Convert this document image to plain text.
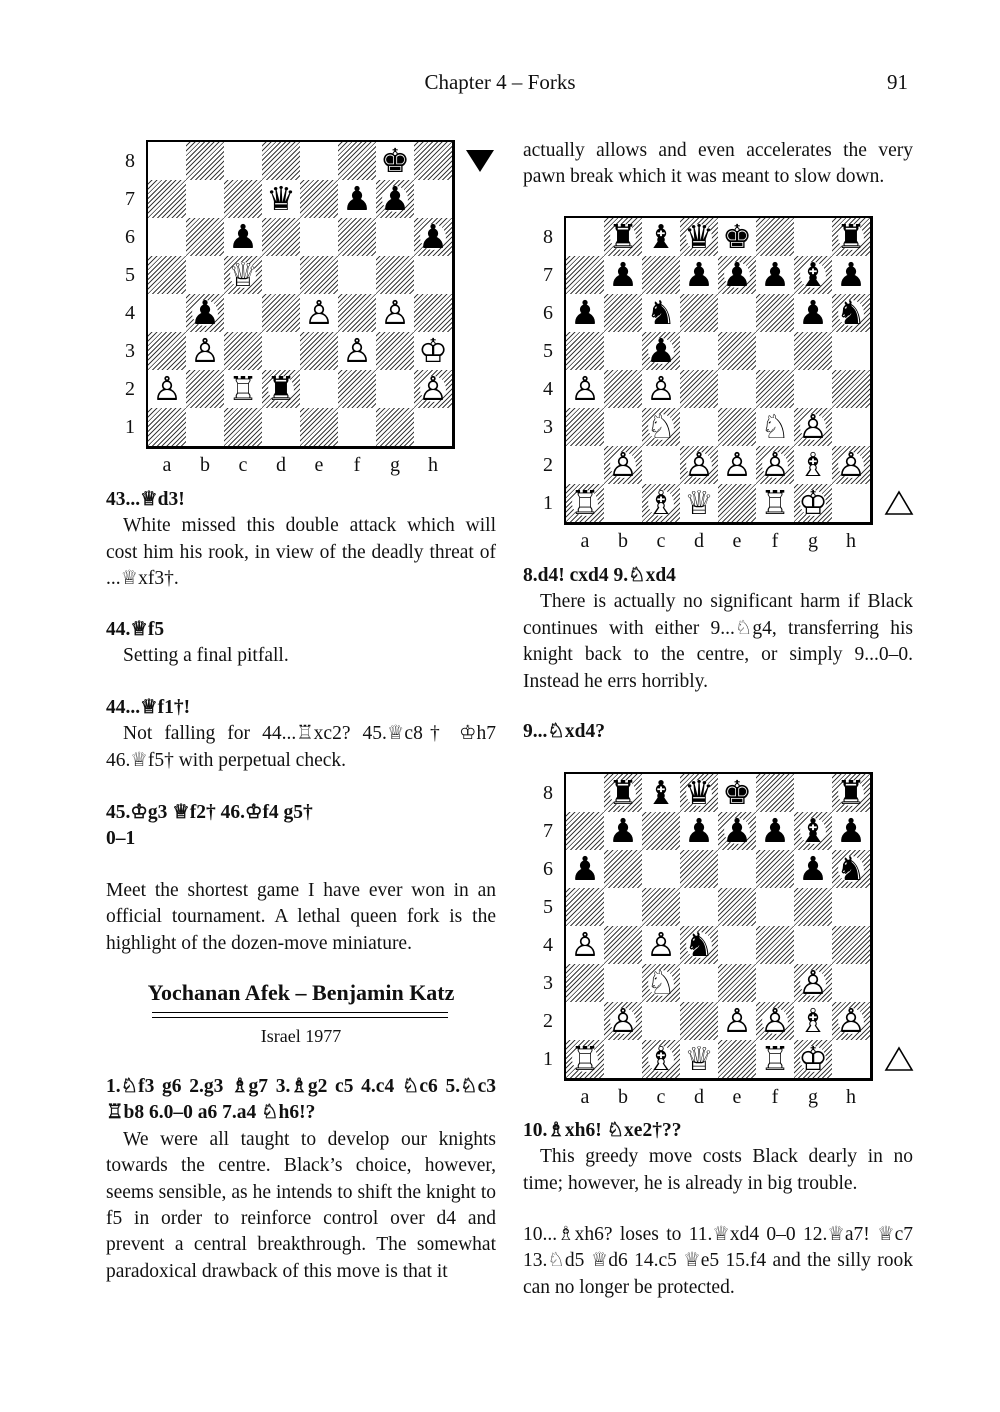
Chapter 4 – Forks	91
♚
♛ ♟ ♟
♟	♟
♕
♟	♙ ♙
♙	♙ ♔
♙ ♖ ♜	♙
8
7
6
5
4
3
2
1
a b c d e	f	g h
♜ ♝ ♛ ♚	♜
♟ ♟ ♟ ♟ ♝ ♟
♟ ♞	♟ ♞
♟
♙ ♙
♘	♘ ♙
♙ ♙ ♙ ♙ ♗ ♙
♖ ♗ ♕ ♖ ♔
8
7
6
5
4
3
2
1
a b c d e	f	g h
♜ ♝ ♛ ♚	♜
♟ ♟ ♟ ♟ ♝ ♟
♟	♟ ♞
♙ ♙ ♞
♘	♙
♙	♙ ♙ ♗ ♙
♖ ♗ ♕ ♖ ♔
8
7
6
5
4
3
2
1
a b c d e	f	g h
43...♕d3!

White missed this double attack which will cost him his rook, in view of the deadly threat of ...♕xf3†.

44.♕f5

Setting a final pitfall.

44...♕f1†!

Not falling for 44...♖xc2? 45.♕c8† ♔h7 46.♕f5† with perpetual check.

45.♔g3 ♕f2† 46.♔f4 g5†
0–1

Meet the shortest game I have ever won in an official tournament. A lethal queen fork is the highlight of the dozen-move miniature.

Yochanan Afek – Benjamin Katz
Israel 1977

1.♘f3 g6 2.g3 ♗g7 3.♗g2 c5 4.c4 ♘c6 5.♘c3 ♖b8 6.0–0 a6 7.a4 ♘h6!?

We were all taught to develop our knights towards the centre. Black’s choice, however, seems sensible, as he intends to shift the knight to f5 in order to reinforce control over d4 and prevent a central breakthrough. The somewhat paradoxical drawback of this move is that it

actually allows and even accelerates the very pawn break which it was meant to slow down.

8.d4! cxd4 9.♘xd4

There is actually no significant harm if Black continues with either 9...♘g4, transferring his knight back to the centre, or simply 9...0–0. Instead he errs horribly.

9...♘xd4?
10.♗xh6! ♘xe2†??

This greedy move costs Black dearly in no time; however, he is already in big trouble.

10...♗xh6? loses to 11.♕xd4 0–0 12.♕a7! ♕c7 13.♘d5 ♕d6 14.c5 ♕e5 15.f4 and the silly rook can no longer be protected.
